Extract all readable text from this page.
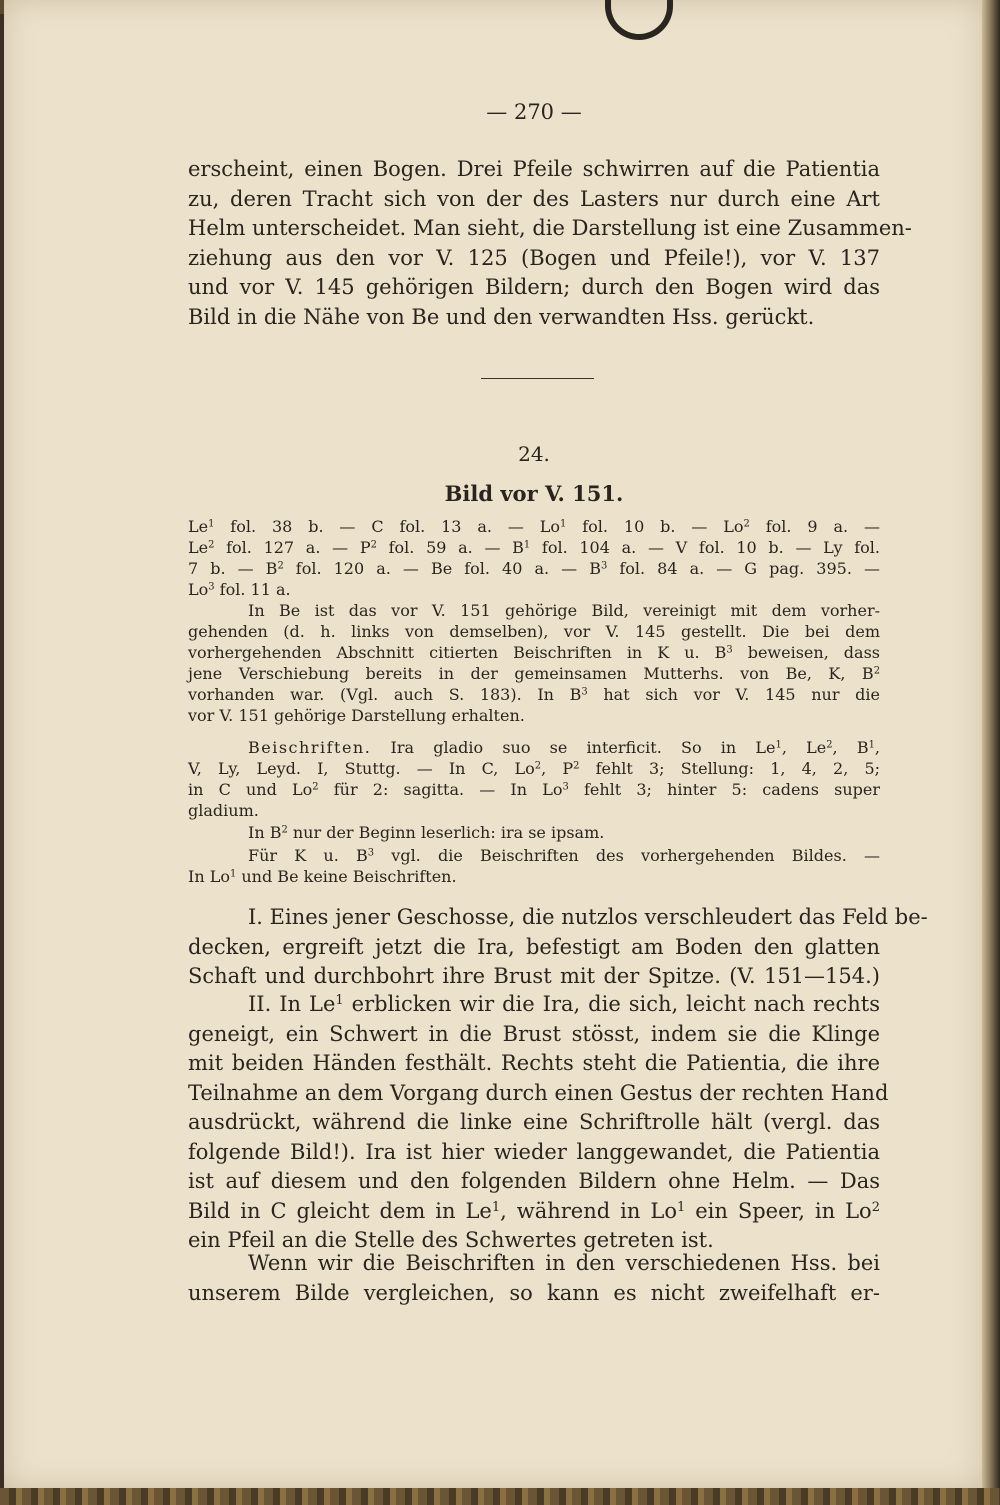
— 270 —
erscheint, einen Bogen. Drei Pfeile schwirren auf die Patientia
zu, deren Tracht sich von der des Lasters nur durch eine Art
Helm unterscheidet. Man sieht, die Darstellung ist eine Zusammen-
ziehung aus den vor V. 125 (Bogen und Pfeile!), vor V. 137
und vor V. 145 gehörigen Bildern; durch den Bogen wird das
Bild in die Nähe von Be und den verwandten Hss. gerückt.
24.
Bild vor V. 151.
Le$^1$ fol. 38 b. — C fol. 13 a. — Lo$^1$ fol. 10 b. — Lo$^2$ fol. 9 a. —
Le$^2$ fol. 127 a. — $P^2$ fol. 59 a. — $B^1$ fol. 104 a. — V fol. 10 b. — Ly fol.
7 b. — $B^2$ fol. 120 a. — Be fol. 40 a. — $B^3$ fol. 84 a. — G pag. 395. —
Lo$^3$ fol. 11 a.
In Be ist das vor V. 151 gehörige Bild, vereinigt mit dem vorher-
gehenden (d. h. links von demselben), vor V. 145 gestellt. Die bei dem
vorhergehenden Abschnitt citierten Beischriften in K u. $B^3$ beweisen, dass
jene Verschiebung bereits in der gemeinsamen Mutterhs. von Be, K, $B^2$
vorhanden war. (Vgl. auch S. 183). In $B^3$ hat sich vor V. 145 nur die
vor V. 151 gehörige Darstellung erhalten.
Beischriften. Ira gladio suo se interficit. So in Le$^1$, Le$^2$, $B^1$,
V, Ly, Leyd. I, Stuttg. — In C, Lo$^2$, $P^2$ fehlt 3; Stellung: 1, 4, 2, 5;
in C und Lo$^2$ für 2: sagitta. — In Lo$^3$ fehlt 3; hinter 5: cadens super
gladium.
In $B^2$ nur der Beginn leserlich: ira se ipsam.
Für K u. $B^3$ vgl. die Beischriften des vorhergehenden Bildes. —
In Lo$^1$ und Be keine Beischriften.
I. Eines jener Geschosse, die nutzlos verschleudert das Feld be-
decken, ergreift jetzt die Ira, befestigt am Boden den glatten
Schaft und durchbohrt ihre Brust mit der Spitze. (V. 151—154.)
II. In Le$^1$ erblicken wir die Ira, die sich, leicht nach rechts
geneigt, ein Schwert in die Brust stösst, indem sie die Klinge
mit beiden Händen festhält. Rechts steht die Patientia, die ihre
Teilnahme an dem Vorgang durch einen Gestus der rechten Hand
ausdrückt, während die linke eine Schriftrolle hält (vergl. das
folgende Bild!). Ira ist hier wieder langgewandet, die Patientia
ist auf diesem und den folgenden Bildern ohne Helm. — Das
Bild in C gleicht dem in Le$^1$, während in Lo$^1$ ein Speer, in Lo$^2$
ein Pfeil an die Stelle des Schwertes getreten ist.
Wenn wir die Beischriften in den verschiedenen Hss. bei
unserem Bilde vergleichen, so kann es nicht zweifelhaft er-
